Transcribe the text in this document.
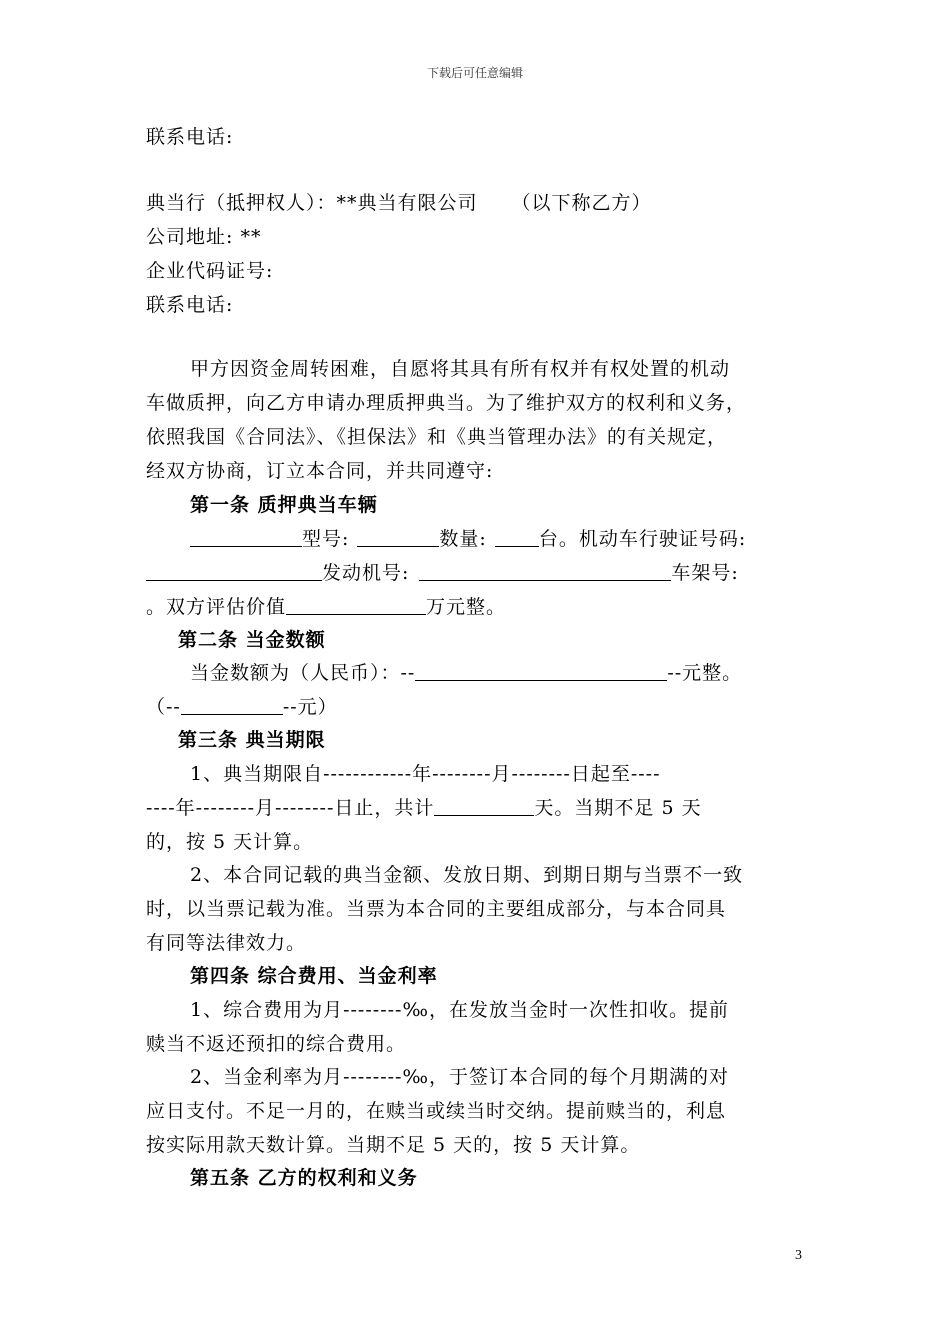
下载后可任意编辑
联系电话:
典当行（抵押权人）：**典当有限公司 （以下称乙方）
公司地址: **
企业代码证号:
联系电话:
甲方因资金周转困难，自愿将其具有所有权并有权处置的机动
车做质押，向乙方申请办理质押典当。为了维护双方的权利和义务，
依照我国《合同法》、《担保法》和《典当管理办法》的有关规定，
经双方协商，订立本合同，并共同遵守:
第一条 质押典当车辆
型号:	数量:	台。机动车行驶证号码:
发动机号:	车架号:
。双方评估价值	万元整。
第二条 当金数额
当金数额为（人民币）：--	--元整。
（--	--元）
第三条 典当期限
1、典当期限自------------年--------月--------日起至----
----年--------月--------日止，共计	天。当期不足 5 天
的，按 5 天计算。
2、本合同记载的典当金额、发放日期、到期日期与当票不一致
时，以当票记载为准。当票为本合同的主要组成部分，与本合同具
有同等法律效力。
第四条 综合费用、当金利率
1、综合费用为月--------‰，在发放当金时一次性扣收。提前
赎当不返还预扣的综合费用。
2、当金利率为月--------‰，于签订本合同的每个月期满的对
应日支付。不足一月的，在赎当或续当时交纳。提前赎当的，利息
按实际用款天数计算。当期不足 5 天的，按 5 天计算。
第五条 乙方的权利和义务
3
